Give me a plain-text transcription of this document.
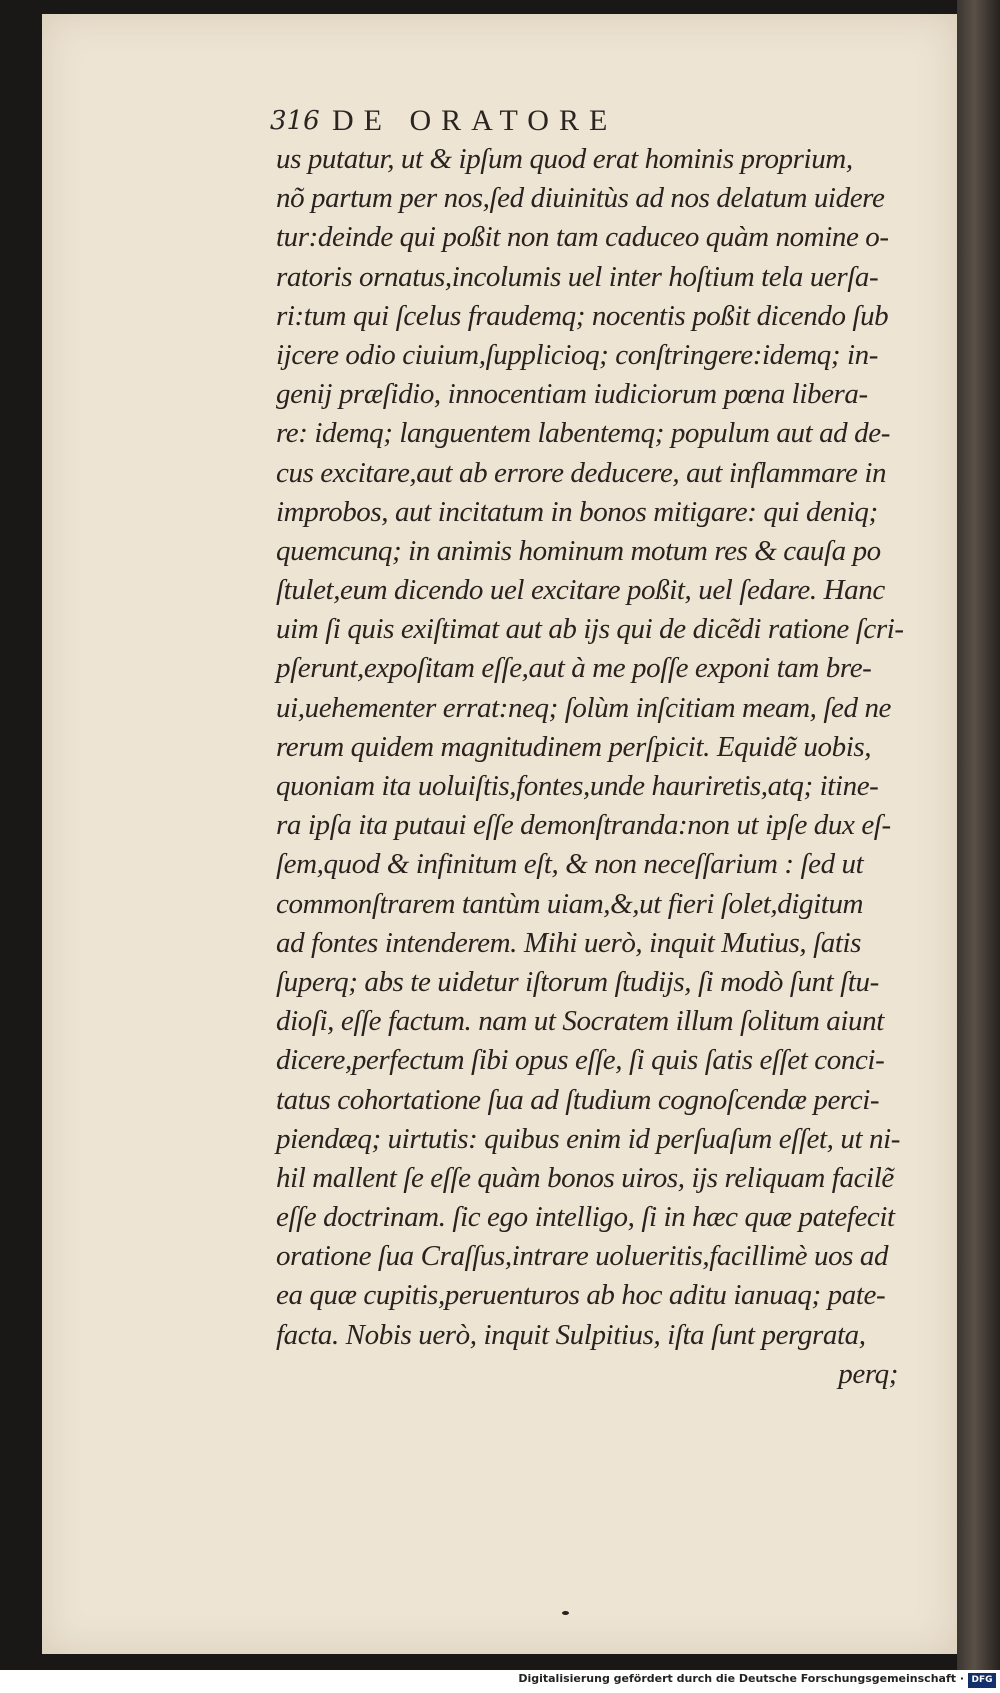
316 DE ORATORE
us putatur, ut & ipſum quod erat hominis proprium,
nõ partum per nos,ſed diuinitùs ad nos delatum uidere
tur:deinde qui poßit non tam caduceo quàm nomine o-
ratoris ornatus,incolumis uel inter hoſtium tela uerſa-
ri:tum qui ſcelus fraudemq; nocentis poßit dicendo ſub
ijcere odio ciuium,ſupplicioq; conſtringere:idemq; in-
genij præſidio, innocentiam iudiciorum pœna libera-
re: idemq; languentem labentemq; populum aut ad de-
cus excitare,aut ab errore deducere, aut inflammare in
improbos, aut incitatum in bonos mitigare: qui deniq;
quemcunq; in animis hominum motum res & cauſa po
ſtulet,eum dicendo uel excitare poßit, uel ſedare. Hanc
uim ſi quis exiſtimat aut ab ijs qui de dicẽdi ratione ſcri-
pſerunt,expoſitam eſſe,aut à me poſſe exponi tam bre-
ui,uehementer errat:neq; ſolùm inſcitiam meam, ſed ne
rerum quidem magnitudinem perſpicit. Equidẽ uobis,
quoniam ita uoluiſtis,fontes,unde hauriretis,atq; itine-
ra ipſa ita putaui eſſe demonſtranda:non ut ipſe dux eſ-
ſem,quod & infinitum eſt, & non neceſſarium : ſed ut
commonſtrarem tantùm uiam,&,ut fieri ſolet,digitum
ad fontes intenderem. Mihi uerò, inquit Mutius, ſatis
ſuperq; abs te uidetur iſtorum ſtudijs, ſi modò ſunt ſtu-
dioſi, eſſe factum. nam ut Socratem illum ſolitum aiunt
dicere,perfectum ſibi opus eſſe, ſi quis ſatis eſſet conci-
tatus cohortatione ſua ad ſtudium cognoſcendæ perci-
piendæq; uirtutis: quibus enim id perſuaſum eſſet, ut ni-
hil mallent ſe eſſe quàm bonos uiros, ijs reliquam facilẽ
eſſe doctrinam. ſic ego intelligo, ſi in hæc quæ patefecit
oratione ſua Craſſus,intrare uolueritis,facillimè uos ad
ea quæ cupitis,peruenturos ab hoc aditu ianuaq; pate-
facta. Nobis uerò, inquit Sulpitius, iſta ſunt pergrata,
perq;
Digitalisierung gefördert durch die Deutsche Forschungsgemeinschaft · DFG
